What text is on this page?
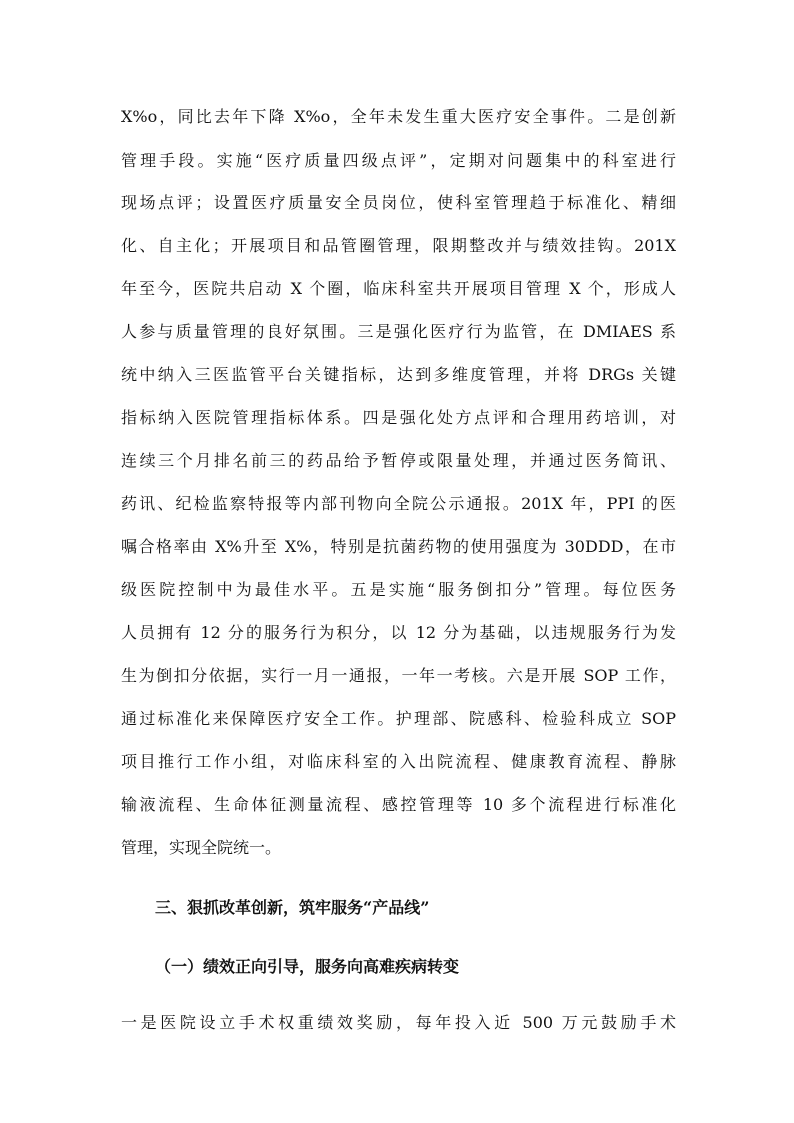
X%o，同比去年下降 X%o，全年未发生重大医疗安全事件。二是创新
管理手段。实施“医疗质量四级点评”，定期对问题集中的科室进行
现场点评；设置医疗质量安全员岗位，使科室管理趋于标准化、精细
化、自主化；开展项目和品管圈管理，限期整改并与绩效挂钩。201X
年至今，医院共启动 X 个圈，临床科室共开展项目管理 X 个，形成人
人参与质量管理的良好氛围。三是强化医疗行为监管，在 DMIAES 系
统中纳入三医监管平台关键指标，达到多维度管理，并将 DRGs 关键
指标纳入医院管理指标体系。四是强化处方点评和合理用药培训，对
连续三个月排名前三的药品给予暂停或限量处理，并通过医务简讯、
药讯、纪检监察特报等内部刊物向全院公示通报。201X 年，PPI 的医
嘱合格率由 X%升至 X%，特别是抗菌药物的使用强度为 30DDD，在市
级医院控制中为最佳水平。五是实施“服务倒扣分”管理。每位医务
人员拥有 12 分的服务行为积分，以 12 分为基础，以违规服务行为发
生为倒扣分依据，实行一月一通报，一年一考核。六是开展 SOP 工作，
通过标准化来保障医疗安全工作。护理部、院感科、检验科成立 SOP
项目推行工作小组，对临床科室的入出院流程、健康教育流程、静脉
输液流程、生命体征测量流程、感控管理等 10 多个流程进行标准化
管理，实现全院统一。
三、狠抓改革创新，筑牢服务“产品线”
（一）绩效正向引导，服务向高难疾病转变
一是医院设立手术权重绩效奖励，每年投入近 500 万元鼓励手术
